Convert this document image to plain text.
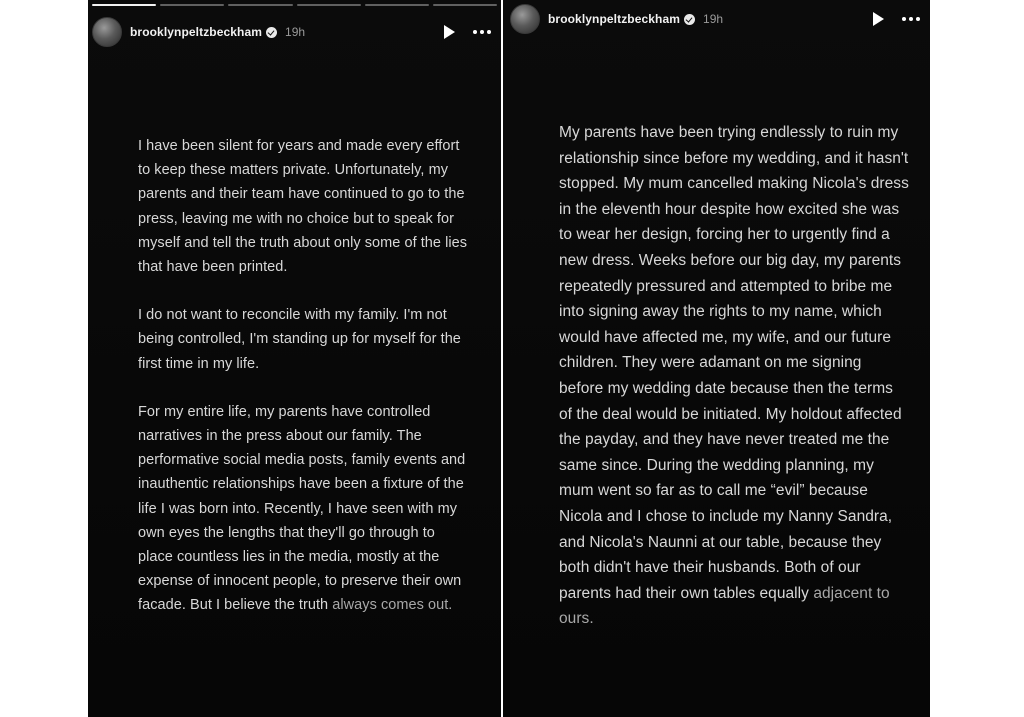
brooklynpeltzbeckham 19h

I have been silent for years and made every effort to keep these matters private. Unfortunately, my parents and their team have continued to go to the press, leaving me with no choice but to speak for myself and tell the truth about only some of the lies that have been printed.

I do not want to reconcile with my family. I'm not being controlled, I'm standing up for myself for the first time in my life.

For my entire life, my parents have controlled narratives in the press about our family. The performative social media posts, family events and inauthentic relationships have been a fixture of the life I was born into. Recently, I have seen with my own eyes the lengths that they'll go through to place countless lies in the media, mostly at the expense of innocent people, to preserve their own facade. But I believe the truth always comes out.

brooklynpeltzbeckham 19h

My parents have been trying endlessly to ruin my relationship since before my wedding, and it hasn't stopped. My mum cancelled making Nicola's dress in the eleventh hour despite how excited she was to wear her design, forcing her to urgently find a new dress. Weeks before our big day, my parents repeatedly pressured and attempted to bribe me into signing away the rights to my name, which would have affected me, my wife, and our future children. They were adamant on me signing before my wedding date because then the terms of the deal would be initiated. My holdout affected the payday, and they have never treated me the same since. During the wedding planning, my mum went so far as to call me “evil” because Nicola and I chose to include my Nanny Sandra, and Nicola's Naunni at our table, because they both didn't have their husbands. Both of our parents had their own tables equally adjacent to ours.
